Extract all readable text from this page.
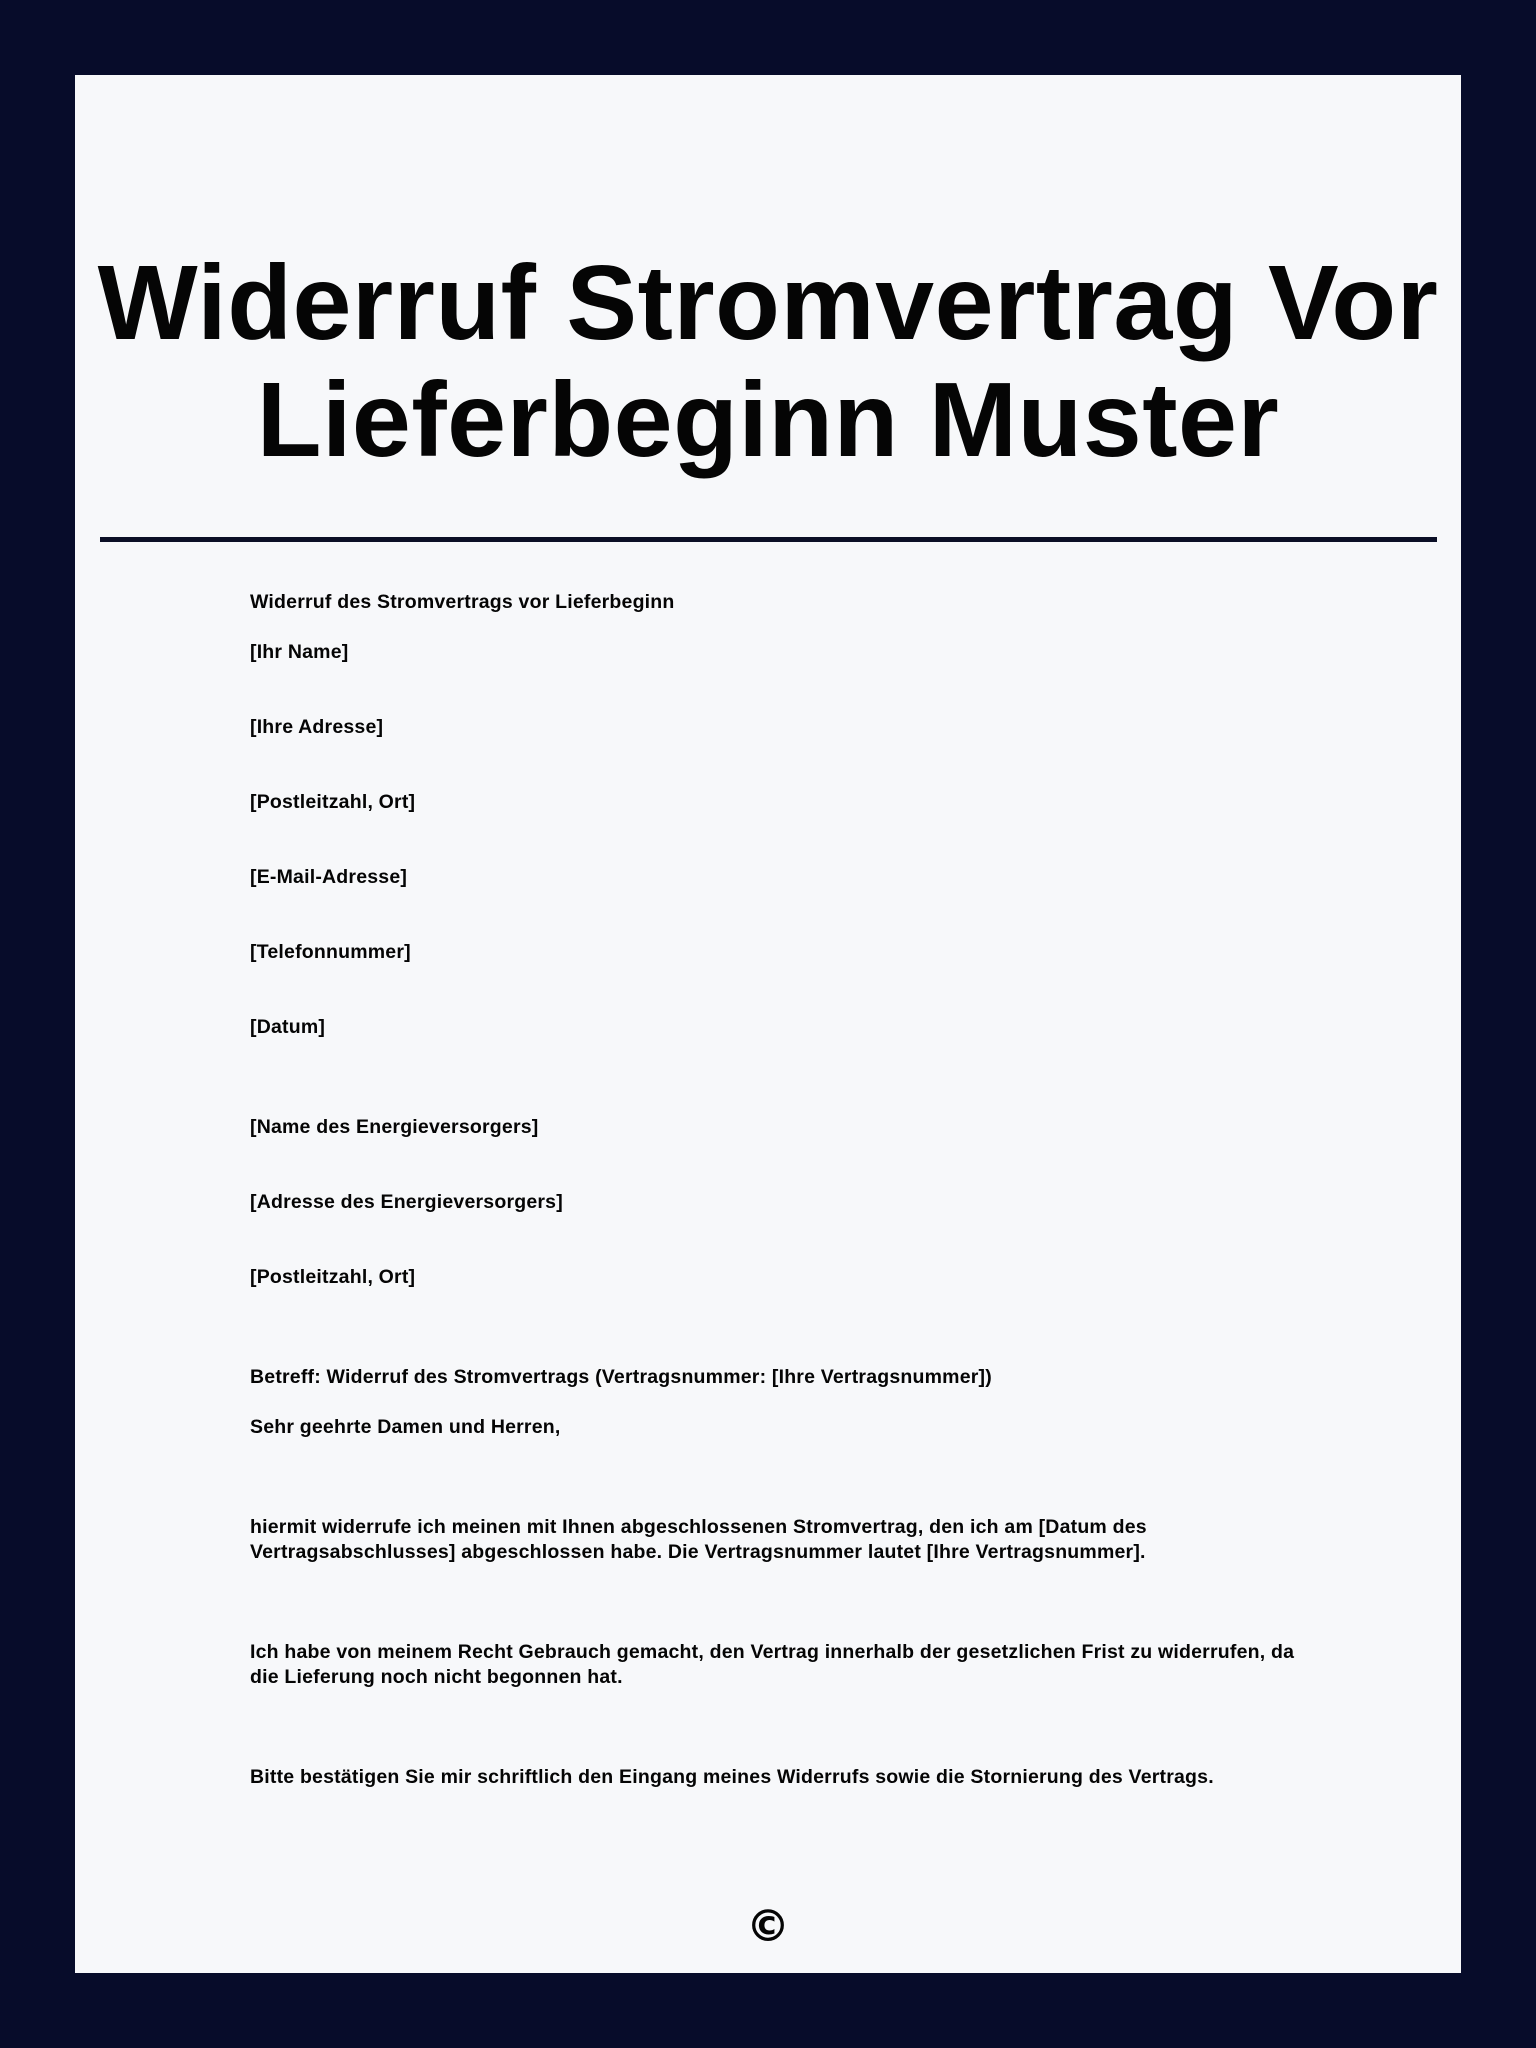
Widerruf Stromvertrag Vor Lieferbeginn Muster
Widerruf des Stromvertrags vor Lieferbeginn
[Ihr Name]
[Ihre Adresse]
[Postleitzahl, Ort]
[E-Mail-Adresse]
[Telefonnummer]
[Datum]
[Name des Energieversorgers]
[Adresse des Energieversorgers]
[Postleitzahl, Ort]
Betreff: Widerruf des Stromvertrags (Vertragsnummer: [Ihre Vertragsnummer])
Sehr geehrte Damen und Herren,
hiermit widerrufe ich meinen mit Ihnen abgeschlossenen Stromvertrag, den ich am [Datum des Vertragsabschlusses] abgeschlossen habe. Die Vertragsnummer lautet [Ihre Vertragsnummer].
Ich habe von meinem Recht Gebrauch gemacht, den Vertrag innerhalb der gesetzlichen Frist zu widerrufen, da die Lieferung noch nicht begonnen hat.
Bitte bestätigen Sie mir schriftlich den Eingang meines Widerrufs sowie die Stornierung des Vertrags.
©
